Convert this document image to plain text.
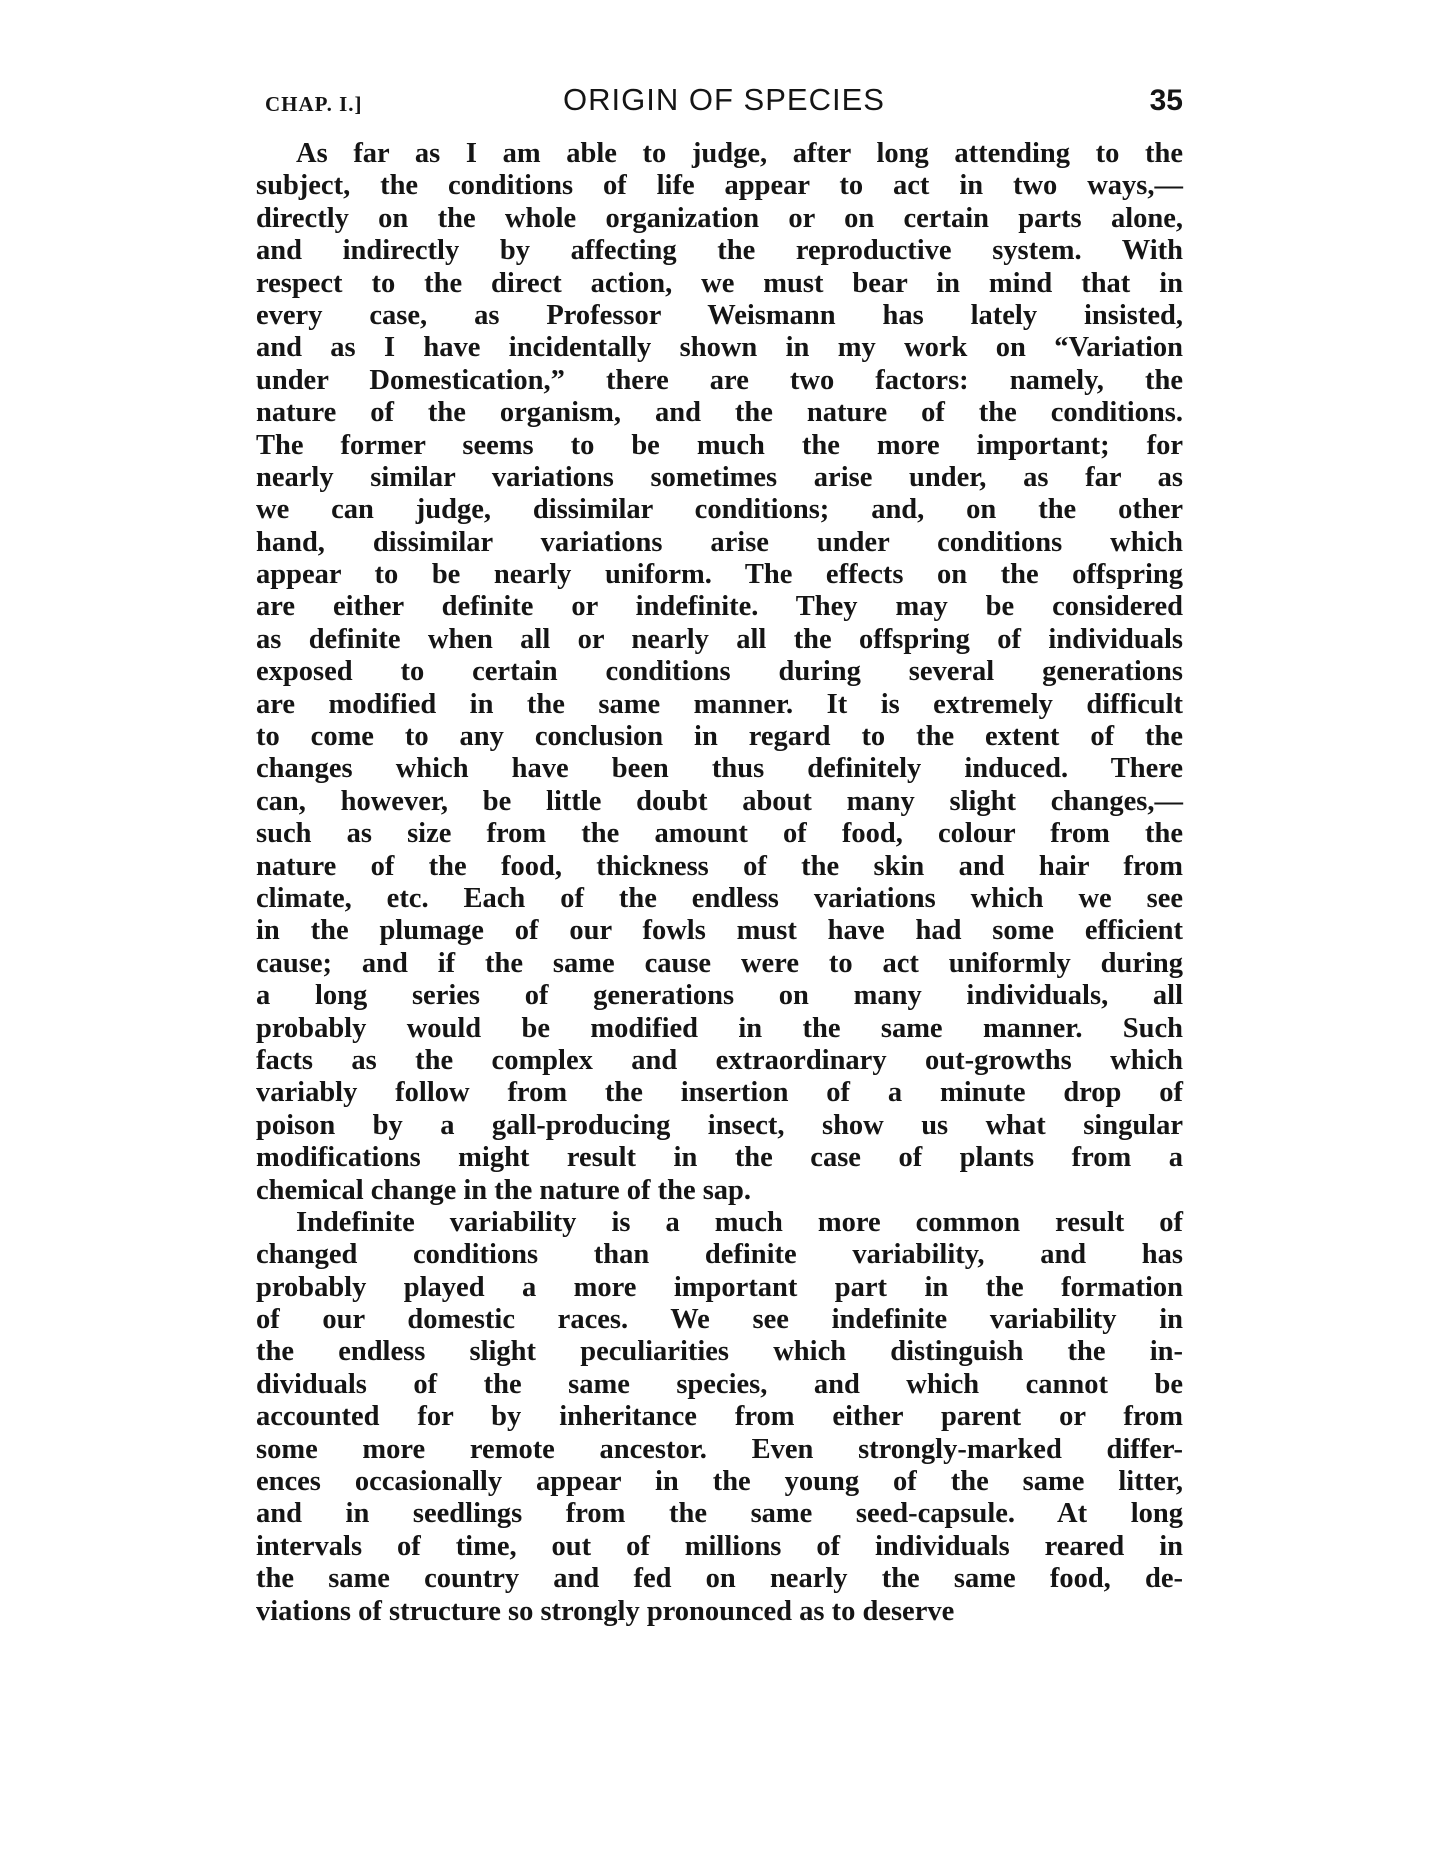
CHAP. I.]	ORIGIN OF SPECIES	35
As far as I am able to judge, after long attending to the
subject, the conditions of life appear to act in two ways,—
directly on the whole organization or on certain parts alone,
and indirectly by affecting the reproductive system. With
respect to the direct action, we must bear in mind that in
every case, as Professor Weismann has lately insisted,
and as I have incidentally shown in my work on “Variation
under Domestication,” there are two factors: namely, the
nature of the organism, and the nature of the conditions.
The former seems to be much the more important; for
nearly similar variations sometimes arise under, as far as
we can judge, dissimilar conditions; and, on the other
hand, dissimilar variations arise under conditions which
appear to be nearly uniform. The effects on the offspring
are either definite or indefinite. They may be considered
as definite when all or nearly all the offspring of individuals
exposed to certain conditions during several generations
are modified in the same manner. It is extremely difficult
to come to any conclusion in regard to the extent of the
changes which have been thus definitely induced. There
can, however, be little doubt about many slight changes,—
such as size from the amount of food, colour from the
nature of the food, thickness of the skin and hair from
climate, etc. Each of the endless variations which we see
in the plumage of our fowls must have had some efficient
cause; and if the same cause were to act uniformly during
a long series of generations on many individuals, all
probably would be modified in the same manner. Such
facts as the complex and extraordinary out-growths which
variably follow from the insertion of a minute drop of
poison by a gall-producing insect, show us what singular
modifications might result in the case of plants from a
chemical change in the nature of the sap.
Indefinite variability is a much more common result of
changed conditions than definite variability, and has
probably played a more important part in the formation
of our domestic races. We see indefinite variability in
the endless slight peculiarities which distinguish the in-
dividuals of the same species, and which cannot be
accounted for by inheritance from either parent or from
some more remote ancestor. Even strongly-marked differ-
ences occasionally appear in the young of the same litter,
and in seedlings from the same seed-capsule. At long
intervals of time, out of millions of individuals reared in
the same country and fed on nearly the same food, de-
viations of structure so strongly pronounced as to deserve
